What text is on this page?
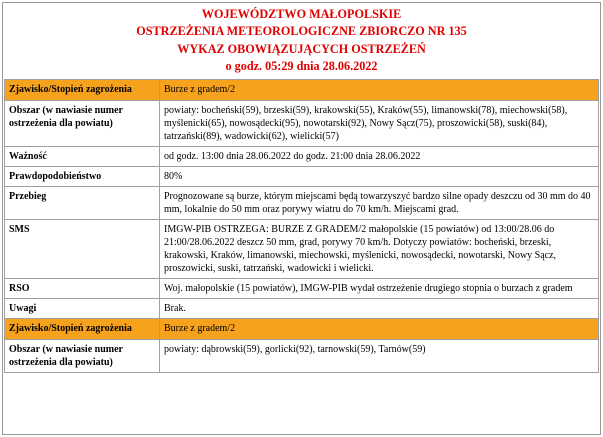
WOJEWÓDZTWO MAŁOPOLSKIE
OSTRZEŻENIA METEOROLOGICZNE ZBIORCZO NR 135
WYKAZ OBOWIĄZUJĄCYCH OSTRZEŻEŃ
o godz. 05:29 dnia 28.06.2022
Zjawisko/Stopień zagrożenia	Burze z gradem/2
Obszar (w nawiasie numer ostrzeżenia dla powiatu)	powiaty: bocheński(59), brzeski(59), krakowski(55), Kraków(55), limanowski(78), miechowski(58), myślenicki(65), nowosądecki(95), nowotarski(92), Nowy Sącz(75), proszowicki(58), suski(84), tatrzański(89), wadowicki(62), wielicki(57)
Ważność	od godz. 13:00 dnia 28.06.2022 do godz. 21:00 dnia 28.06.2022
Prawdopodobieństwo	80%
Przebieg	Prognozowane są burze, którym miejscami będą towarzyszyć bardzo silne opady deszczu od 30 mm do 40 mm, lokalnie do 50 mm oraz porywy wiatru do 70 km/h. Miejscami grad.
SMS	IMGW-PIB OSTRZEGA: BURZE Z GRADEM/2 małopolskie (15 powiatów) od 13:00/28.06 do 21:00/28.06.2022 deszcz 50 mm, grad, porywy 70 km/h. Dotyczy powiatów: bocheński, brzeski, krakowski, Kraków, limanowski, miechowski, myślenicki, nowosądecki, nowotarski, Nowy Sącz, proszowicki, suski, tatrzański, wadowicki i wielicki.
RSO	Woj. małopolskie (15 powiatów), IMGW-PIB wydał ostrzeżenie drugiego stopnia o burzach z gradem
Uwagi	Brak.
Zjawisko/Stopień zagrożenia	Burze z gradem/2
Obszar (w nawiasie numer ostrzeżenia dla powiatu)	powiaty: dąbrowski(59), gorlicki(92), tarnowski(59), Tarnów(59)
